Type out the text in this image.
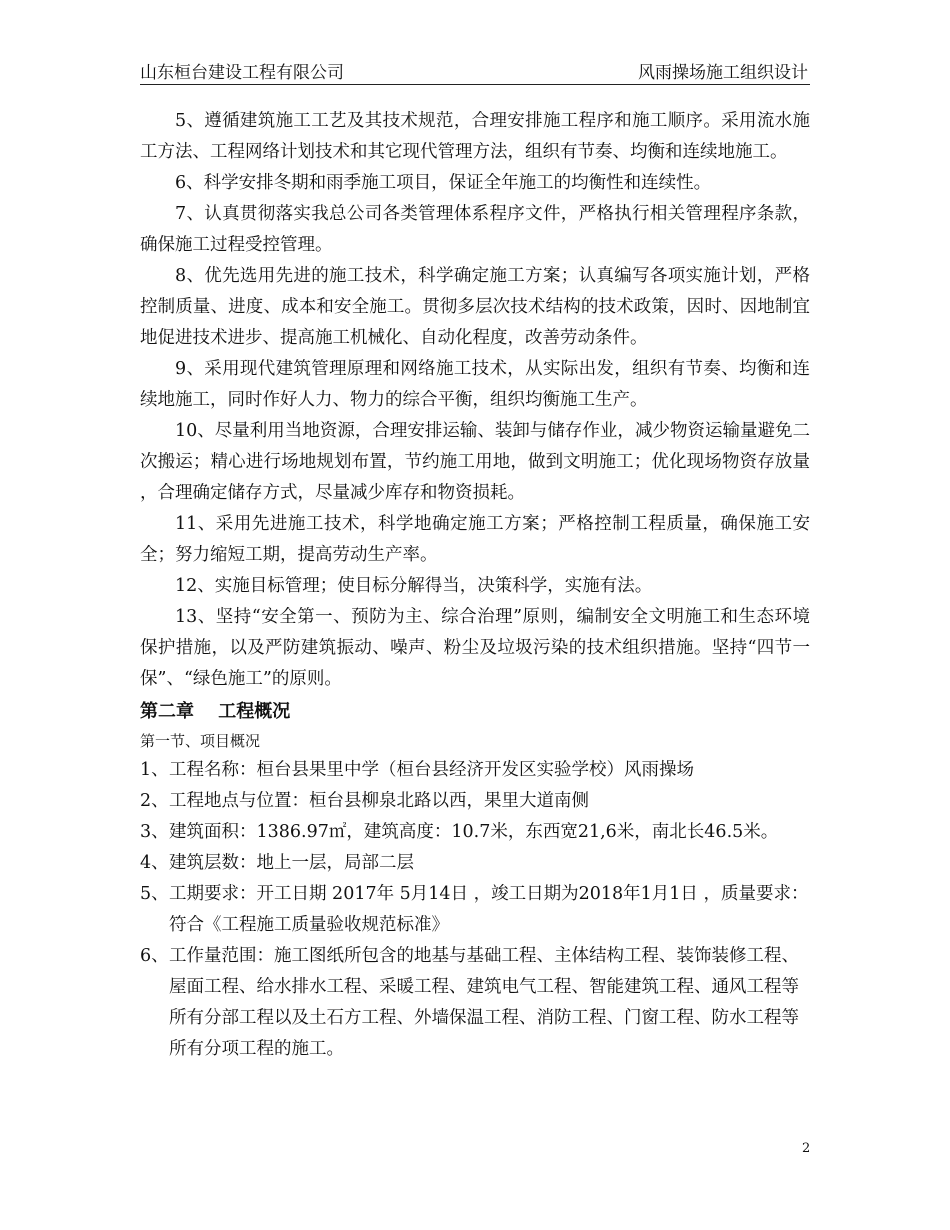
山东桓台建设工程有限公司	风雨操场施工组织设计

5、遵循建筑施工工艺及其技术规范，合理安排施工程序和施工顺序。采用流水施工方法、工程网络计划技术和其它现代管理方法，组织有节奏、均衡和连续地施工。

6、科学安排冬期和雨季施工项目，保证全年施工的均衡性和连续性。

7、认真贯彻落实我总公司各类管理体系程序文件，严格执行相关管理程序条款，确保施工过程受控管理。

8、优先选用先进的施工技术，科学确定施工方案；认真编写各项实施计划，严格控制质量、进度、成本和安全施工。贯彻多层次技术结构的技术政策，因时、因地制宜地促进技术进步、提高施工机械化、自动化程度，改善劳动条件。

9、采用现代建筑管理原理和网络施工技术，从实际出发，组织有节奏、均衡和连续地施工，同时作好人力、物力的综合平衡，组织均衡施工生产。

10、尽量利用当地资源，合理安排运输、装卸与储存作业，减少物资运输量避免二次搬运；精心进行场地规划布置，节约施工用地，做到文明施工；优化现场物资存放量 ，合理确定储存方式，尽量减少库存和物资损耗。

11、采用先进施工技术，科学地确定施工方案；严格控制工程质量，确保施工安全；努力缩短工期，提高劳动生产率。

12、实施目标管理；使目标分解得当，决策科学，实施有法。

13、坚持“安全第一、预防为主、综合治理”原则，编制安全文明施工和生态环境保护措施，以及严防建筑振动、噪声、粉尘及垃圾污染的技术组织措施。坚持“四节一保”、“绿色施工”的原则。

第二章　 工程概况
第一节、项目概况
1、 工程名称：桓台县果里中学（桓台县经济开发区实验学校）风雨操场
2、 工程地点与位置：桓台县柳泉北路以西，果里大道南侧
3、 建筑面积：1386.97㎡，建筑高度：10.7米，东西宽21,6米，南北长46.5米。
4、 建筑层数：地上一层，局部二层
5、 工期要求：开工日期 2017年 5月14日 ，竣工日期为2018年1月1日 ，质量要求：符合《工程施工质量验收规范标准》
6、 工作量范围：施工图纸所包含的地基与基础工程、主体结构工程、装饰装修工程、屋面工程、给水排水工程、采暖工程、建筑电气工程、智能建筑工程、通风工程等所有分部工程以及土石方工程、外墙保温工程、消防工程、门窗工程、防水工程等所有分项工程的施工。
2
